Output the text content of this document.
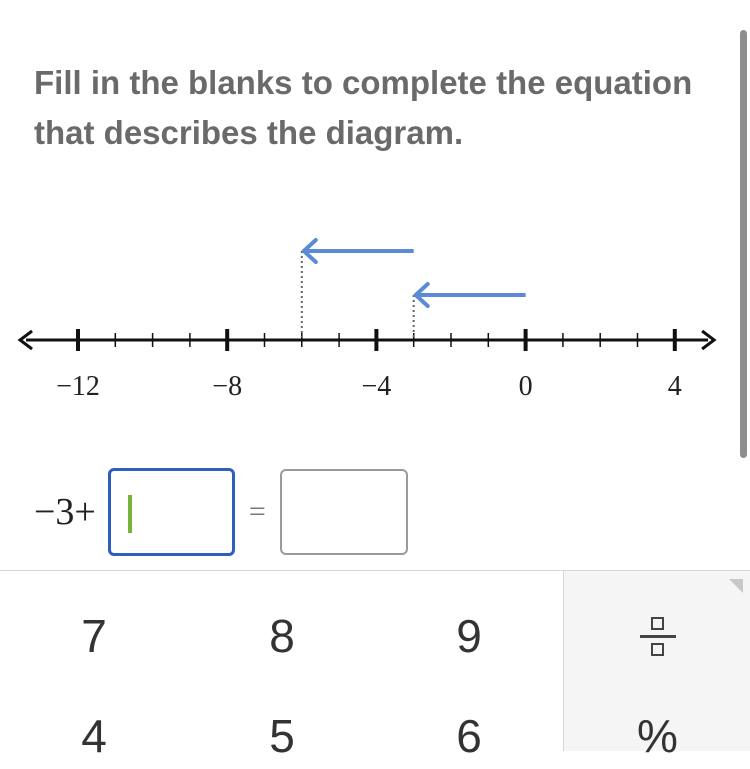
Fill in the blanks to complete the equation that describes the diagram.

−12	−8	−4	0	4
−3+	=
7	8	9
4	5	6	%
